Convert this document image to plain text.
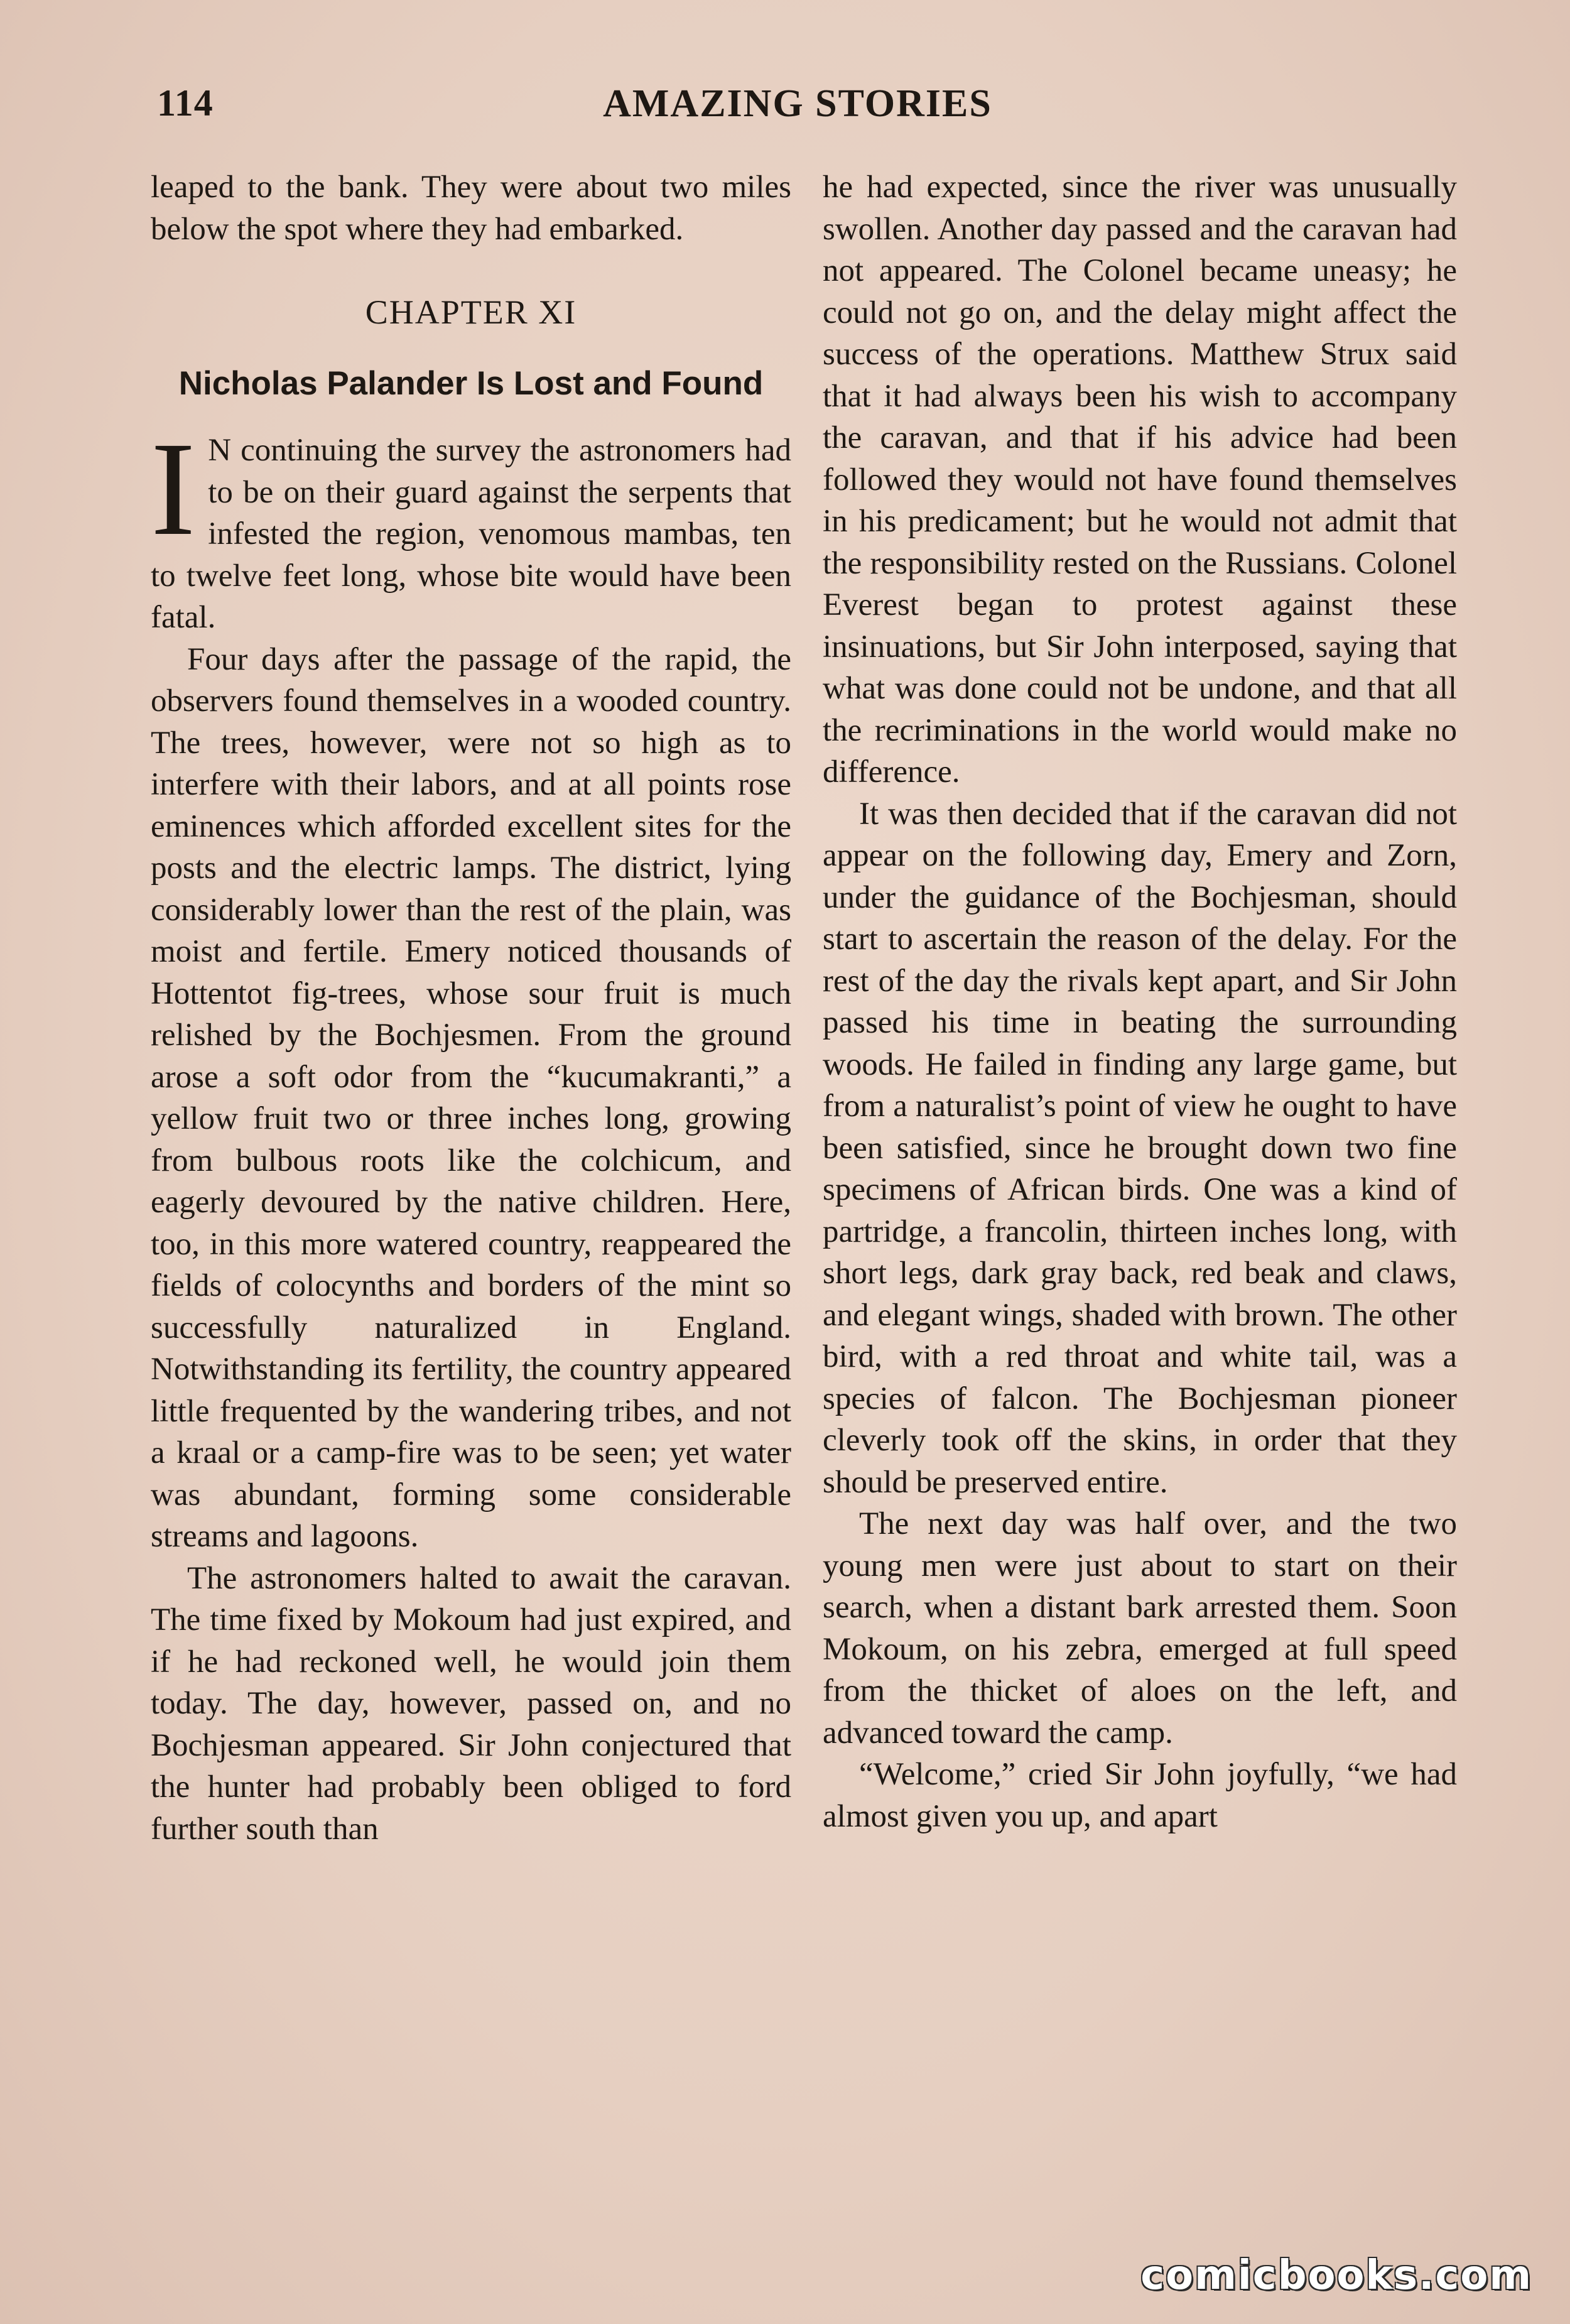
114	AMAZING STORIES

leaped to the bank. They were about two miles below the spot where they had embarked.

CHAPTER XI
Nicholas Palander Is Lost and Found

I N continuing the survey the astronomers had to be on their guard against the serpents that infested the region, venomous mambas, ten to twelve feet long, whose bite would have been fatal.

Four days after the passage of the rapid, the observers found themselves in a wooded country. The trees, however, were not so high as to interfere with their labors, and at all points rose eminences which afforded excellent sites for the posts and the electric lamps. The district, lying considerably lower than the rest of the plain, was moist and fertile. Emery noticed thousands of Hottentot fig-trees, whose sour fruit is much relished by the Bochjesmen. From the ground arose a soft odor from the “kucumakranti,” a yellow fruit two or three inches long, growing from bulbous roots like the colchicum, and eagerly devoured by the native children. Here, too, in this more watered country, reappeared the fields of colocynths and borders of the mint so successfully naturalized in England. Notwithstanding its fertility, the country appeared little frequented by the wandering tribes, and not a kraal or a camp-fire was to be seen; yet water was abundant, forming some considerable streams and lagoons.

The astronomers halted to await the caravan. The time fixed by Mokoum had just expired, and if he had reckoned well, he would join them today. The day, however, passed on, and no Bochjesman appeared. Sir John conjectured that the hunter had probably been obliged to ford further south than

he had expected, since the river was unusually swollen. Another day passed and the caravan had not appeared. The Colonel became uneasy; he could not go on, and the delay might affect the success of the operations. Matthew Strux said that it had always been his wish to accompany the caravan, and that if his advice had been followed they would not have found themselves in his predicament; but he would not admit that the responsibility rested on the Russians. Colonel Everest began to protest against these insinuations, but Sir John interposed, saying that what was done could not be undone, and that all the recriminations in the world would make no difference.

It was then decided that if the caravan did not appear on the following day, Emery and Zorn, under the guidance of the Bochjesman, should start to ascertain the reason of the delay. For the rest of the day the rivals kept apart, and Sir John passed his time in beating the surrounding woods. He failed in finding any large game, but from a naturalist’s point of view he ought to have been satisfied, since he brought down two fine specimens of African birds. One was a kind of partridge, a francolin, thirteen inches long, with short legs, dark gray back, red beak and claws, and elegant wings, shaded with brown. The other bird, with a red throat and white tail, was a species of falcon. The Bochjesman pioneer cleverly took off the skins, in order that they should be preserved entire.

The next day was half over, and the two young men were just about to start on their search, when a distant bark arrested them. Soon Mokoum, on his zebra, emerged at full speed from the thicket of aloes on the left, and advanced toward the camp.

“Welcome,” cried Sir John joyfully, “we had almost given you up, and apart

comicbooks.com
